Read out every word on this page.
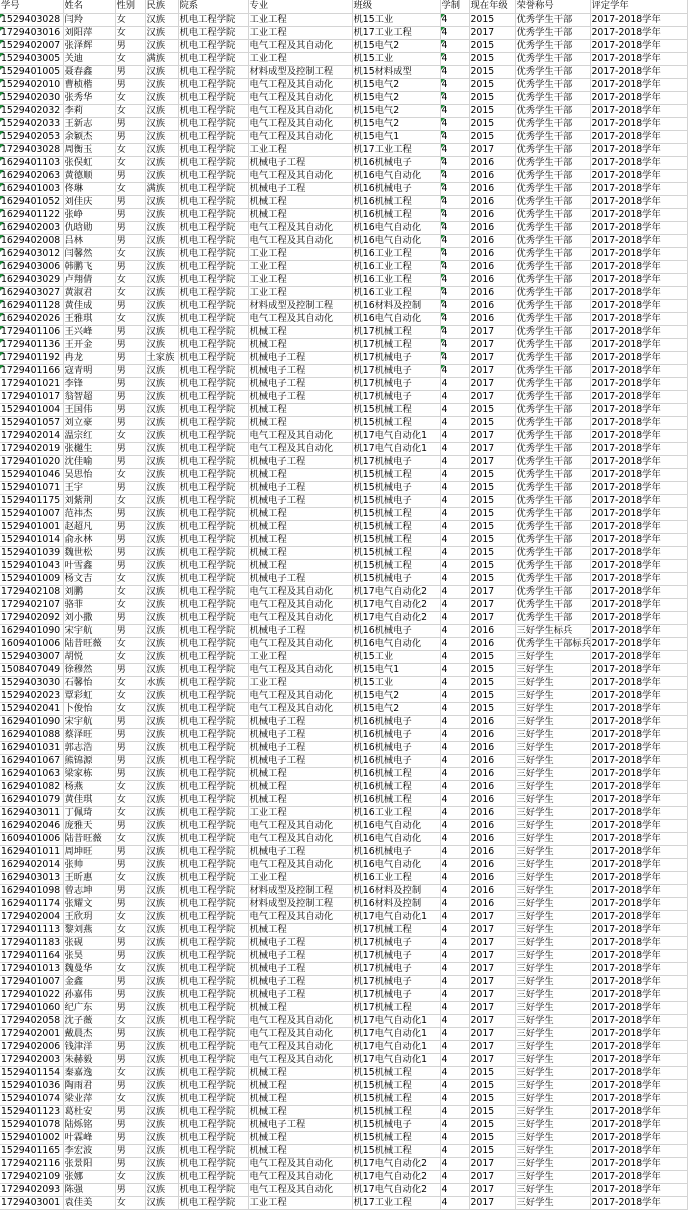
学号	姓名	性别	民族	院系	专业	班级	学制	现在年级	荣誉称号	评定学年
1529403028	闫羚	女	汉族	机电工程学院	工业工程	机15工业	4	2015	优秀学生干部	2017-2018学年
1729403016	刘阳萍	女	汉族	机电工程学院	工业工程	机17工业工程	4	2017	优秀学生干部	2017-2018学年
1529402007	张泽辉	男	汉族	机电工程学院	电气工程及其自动化	机15电气2	4	2015	优秀学生干部	2017-2018学年
1529403005	关迪	女	满族	机电工程学院	工业工程	机15工业	4	2015	优秀学生干部	2017-2018学年
1529401005	聂春鑫	男	汉族	机电工程学院	材料成型及控制工程	机15材料成型	4	2015	优秀学生干部	2017-2018学年
1529402010	曹桢楷	男	汉族	机电工程学院	电气工程及其自动化	机15电气2	4	2015	优秀学生干部	2017-2018学年
1529402030	张秀华	女	汉族	机电工程学院	电气工程及其自动化	机15电气2	4	2015	优秀学生干部	2017-2018学年
1529402032	李莉	女	汉族	机电工程学院	电气工程及其自动化	机15电气2	4	2015	优秀学生干部	2017-2018学年
1529402033	王新志	男	汉族	机电工程学院	电气工程及其自动化	机15电气2	4	2015	优秀学生干部	2017-2018学年
1529402053	余颖杰	男	汉族	机电工程学院	电气工程及其自动化	机15电气1	4	2015	优秀学生干部	2017-2018学年
1729403028	周衡玉	女	汉族	机电工程学院	工业工程	机17工业工程	4	2017	优秀学生干部	2017-2018学年
1629401103	张俣虹	女	汉族	机电工程学院	机械电子工程	机16机械电子	4	2016	优秀学生干部	2017-2018学年
1629402063	黄德顺	男	汉族	机电工程学院	电气工程及其自动化	机16电气自动化	4	2016	优秀学生干部	2017-2018学年
1629401003	佟琳	女	满族	机电工程学院	机械电子工程	机16机械电子	4	2016	优秀学生干部	2017-2018学年
1629401052	刘佳庆	男	汉族	机电工程学院	机械工程	机16机械工程	4	2016	优秀学生干部	2017-2018学年
1629401122	张峥	男	汉族	机电工程学院	机械工程	机16机械工程	4	2016	优秀学生干部	2017-2018学年
1629402003	仇晗勋	男	汉族	机电工程学院	电气工程及其自动化	机16电气自动化	4	2016	优秀学生干部	2017-2018学年
1629402008	吕林	男	汉族	机电工程学院	电气工程及其自动化	机16电气自动化	4	2016	优秀学生干部	2017-2018学年
1629403012	闫馨然	女	汉族	机电工程学院	工业工程	机16工业工程	4	2016	优秀学生干部	2017-2018学年
1629403006	韩鹏飞	男	汉族	机电工程学院	工业工程	机16工业工程	4	2016	优秀学生干部	2017-2018学年
1629403029	卢翔倩	女	汉族	机电工程学院	工业工程	机16工业工程	4	2016	优秀学生干部	2017-2018学年
1629403027	黄淑君	女	汉族	机电工程学院	工业工程	机16工业工程	4	2016	优秀学生干部	2017-2018学年
1629401128	黄佳成	男	汉族	机电工程学院	材料成型及控制工程	机16材料及控制	4	2016	优秀学生干部	2017-2018学年
1629402026	王雅琪	女	汉族	机电工程学院	电气工程及其自动化	机16电气自动化	4	2016	优秀学生干部	2017-2018学年
1729401106	王兴峰	男	汉族	机电工程学院	机械工程	机17机械工程	4	2017	优秀学生干部	2017-2018学年
1729401136	王开金	男	汉族	机电工程学院	机械工程	机17机械工程	4	2017	优秀学生干部	2017-2018学年
1729401192	冉龙	男	土家族	机电工程学院	机械电子工程	机17机械电子	4	2017	优秀学生干部	2017-2018学年
1729401166	寇青明	男	汉族	机电工程学院	机械电子工程	机17机械电子	4	2017	优秀学生干部	2017-2018学年
1729401021	李锋	男	汉族	机电工程学院	机械电子工程	机17机械电子	4	2017	优秀学生干部	2017-2018学年
1729401017	翁智超	男	汉族	机电工程学院	机械电子工程	机17机械电子	4	2017	优秀学生干部	2017-2018学年
1529401004	王国伟	男	汉族	机电工程学院	机械工程	机15机械工程	4	2015	优秀学生干部	2017-2018学年
1529401057	刘立豪	男	汉族	机电工程学院	机械工程	机15机械工程	4	2015	优秀学生干部	2017-2018学年
1729402014	温宗红	女	汉族	机电工程学院	电气工程及其自动化	机17电气自动化1	4	2017	优秀学生干部	2017-2018学年
1729402019	张樾生	男	汉族	机电工程学院	电气工程及其自动化	机17电气自动化1	4	2017	优秀学生干部	2017-2018学年
1729401020	沈佳喻	男	汉族	机电工程学院	机械电子工程	机17机械电子	4	2017	优秀学生干部	2017-2018学年
1529401046	吴思怡	女	汉族	机电工程学院	机械工程	机15机械工程	4	2015	优秀学生干部	2017-2018学年
1529401071	王宇	男	汉族	机电工程学院	机械电子工程	机15机械电子	4	2015	优秀学生干部	2017-2018学年
1529401175	刘紫荆	女	汉族	机电工程学院	机械电子工程	机15机械电子	4	2015	优秀学生干部	2017-2018学年
1529401007	范祎杰	男	汉族	机电工程学院	机械工程	机15机械工程	4	2015	优秀学生干部	2017-2018学年
1529401001	赵超凡	男	汉族	机电工程学院	机械工程	机15机械工程	4	2015	优秀学生干部	2017-2018学年
1529401014	俞永林	男	汉族	机电工程学院	机械工程	机15机械工程	4	2015	优秀学生干部	2017-2018学年
1529401039	魏世松	男	汉族	机电工程学院	机械工程	机15机械工程	4	2015	优秀学生干部	2017-2018学年
1529401043	叶雪鑫	男	汉族	机电工程学院	机械工程	机15机械工程	4	2015	优秀学生干部	2017-2018学年
1529401009	杨文吉	女	汉族	机电工程学院	机械电子工程	机15机械电子	4	2015	优秀学生干部	2017-2018学年
1729402108	刘鹏	女	汉族	机电工程学院	电气工程及其自动化	机17电气自动化2	4	2017	优秀学生干部	2017-2018学年
1729402107	骆菲	女	汉族	机电工程学院	电气工程及其自动化	机17电气自动化2	4	2017	优秀学生干部	2017-2018学年
1729402092	刘小撒	男	汉族	机电工程学院	电气工程及其自动化	机17电气自动化2	4	2017	优秀学生干部	2017-2018学年
1629401090	宋宇航	男	汉族	机电工程学院	机械电子工程	机16机械电子	4	2016	三好学生标兵	2017-2018学年
1609401006	陆昔旺薇	女	汉族	机电工程学院	电气工程及其自动化	机16电气自动化	4	2016	优秀学生干部标兵	2017-2018学年
1529403007	胡悦	女	汉族	机电工程学院	工业工程	机15工业	4	2015	三好学生	2017-2018学年
1508407049	徐穆然	男	汉族	机电工程学院	电气工程及其自动化	机15电气1	4	2015	三好学生	2017-2018学年
1529403030	石馨怡	女	水族	机电工程学院	工业工程	机15工业	4	2015	三好学生	2017-2018学年
1529402023	覃彩虹	女	汉族	机电工程学院	电气工程及其自动化	机15电气2	4	2015	三好学生	2017-2018学年
1529402041	卜俊怡	女	汉族	机电工程学院	电气工程及其自动化	机15电气2	4	2015	三好学生	2017-2018学年
1629401090	宋宇航	男	汉族	机电工程学院	机械电子工程	机16机械电子	4	2016	三好学生	2017-2018学年
1629401088	蔡泽旺	男	汉族	机电工程学院	机械电子工程	机16机械电子	4	2016	三好学生	2017-2018学年
1629401031	郭志浩	男	汉族	机电工程学院	机械电子工程	机16机械电子	4	2016	三好学生	2017-2018学年
1629401067	熊锦源	男	汉族	机电工程学院	机械电子工程	机16机械电子	4	2016	三好学生	2017-2018学年
1629401063	梁家栋	男	汉族	机电工程学院	机械工程	机16机械工程	4	2016	三好学生	2017-2018学年
1629401082	杨燕	女	汉族	机电工程学院	机械工程	机16机械工程	4	2016	三好学生	2017-2018学年
1629401079	黄佳琪	女	汉族	机电工程学院	机械工程	机16机械工程	4	2016	三好学生	2017-2018学年
1629403011	丁佩琦	女	汉族	机电工程学院	工业工程	机16工业工程	4	2016	三好学生	2017-2018学年
1629402046	庞雅天	男	汉族	机电工程学院	电气工程及其自动化	机16电气自动化	4	2016	三好学生	2017-2018学年
1609401006	陆昔旺薇	女	汉族	机电工程学院	电气工程及其自动化	机16电气自动化	4	2016	三好学生	2017-2018学年
1629401011	周坤旺	男	汉族	机电工程学院	机械电子工程	机16机械电子	4	2016	三好学生	2017-2018学年
1629402014	张帅	男	汉族	机电工程学院	电气工程及其自动化	机16电气自动化	4	2016	三好学生	2017-2018学年
1629403013	王昕惠	女	汉族	机电工程学院	工业工程	机16工业工程	4	2016	三好学生	2017-2018学年
1629401098	曾志坤	男	汉族	机电工程学院	材料成型及控制工程	机16材料及控制	4	2016	三好学生	2017-2018学年
1629401174	张耀文	男	汉族	机电工程学院	材料成型及控制工程	机16材料及控制	4	2016	三好学生	2017-2018学年
1729402004	王欣玥	女	汉族	机电工程学院	电气工程及其自动化	机17电气自动化1	4	2017	三好学生	2017-2018学年
1729401113	黎刘燕	女	汉族	机电工程学院	机械工程	机17机械工程	4	2017	三好学生	2017-2018学年
1729401183	张砚	男	汉族	机电工程学院	机械电子工程	机17机械电子	4	2017	三好学生	2017-2018学年
1729401164	张昊	男	汉族	机电工程学院	机械电子工程	机17机械电子	4	2017	三好学生	2017-2018学年
1729401013	魏曼华	女	汉族	机电工程学院	机械电子工程	机17机械电子	4	2017	三好学生	2017-2018学年
1729401007	金鑫	男	汉族	机电工程学院	机械电子工程	机17机械电子	4	2017	三好学生	2017-2018学年
1729401022	孙嘉伟	男	汉族	机电工程学院	机械电子工程	机17机械电子	4	2017	三好学生	2017-2018学年
1729401060	纪广东	男	汉族	机电工程学院	机械工程	机17机械工程	4	2017	三好学生	2017-2018学年
1729402058	沈子薇	女	汉族	机电工程学院	电气工程及其自动化	机17电气自动化1	4	2017	三好学生	2017-2018学年
1729402001	戴晨杰	男	汉族	机电工程学院	电气工程及其自动化	机17电气自动化1	4	2017	三好学生	2017-2018学年
1729402006	钱津洋	男	汉族	机电工程学院	电气工程及其自动化	机17电气自动化1	4	2017	三好学生	2017-2018学年
1729402003	朱赫毅	男	汉族	机电工程学院	电气工程及其自动化	机17电气自动化1	4	2017	三好学生	2017-2018学年
1529401154	秦嘉逸	女	汉族	机电工程学院	机械工程	机15机械工程	4	2015	三好学生	2017-2018学年
1529401036	陶雨君	男	汉族	机电工程学院	机械工程	机15机械工程	4	2015	三好学生	2017-2018学年
1529401074	梁业萍	女	汉族	机电工程学院	机械工程	机15机械工程	4	2015	三好学生	2017-2018学年
1529401123	葛杜安	男	汉族	机电工程学院	机械工程	机15机械工程	4	2015	三好学生	2017-2018学年
1529401078	陆烁铭	男	汉族	机电工程学院	机械电子工程	机15机械电子	4	2015	三好学生	2017-2018学年
1529401002	叶霖峰	男	汉族	机电工程学院	机械工程	机15机械工程	4	2015	三好学生	2017-2018学年
1529401165	李宏波	男	汉族	机电工程学院	机械工程	机15机械工程	4	2015	三好学生	2017-2018学年
1729402116	张景阳	男	汉族	机电工程学院	电气工程及其自动化	机17电气自动化2	4	2017	三好学生	2017-2018学年
1729402109	张娜	女	汉族	机电工程学院	电气工程及其自动化	机17电气自动化2	4	2017	三好学生	2017-2018学年
1729402093	陈强	男	汉族	机电工程学院	电气工程及其自动化	机17电气自动化2	4	2017	三好学生	2017-2018学年
1729403001	袁佳美	女	汉族	机电工程学院	工业工程	机17工业工程	4	2017	三好学生	2017-2018学年
